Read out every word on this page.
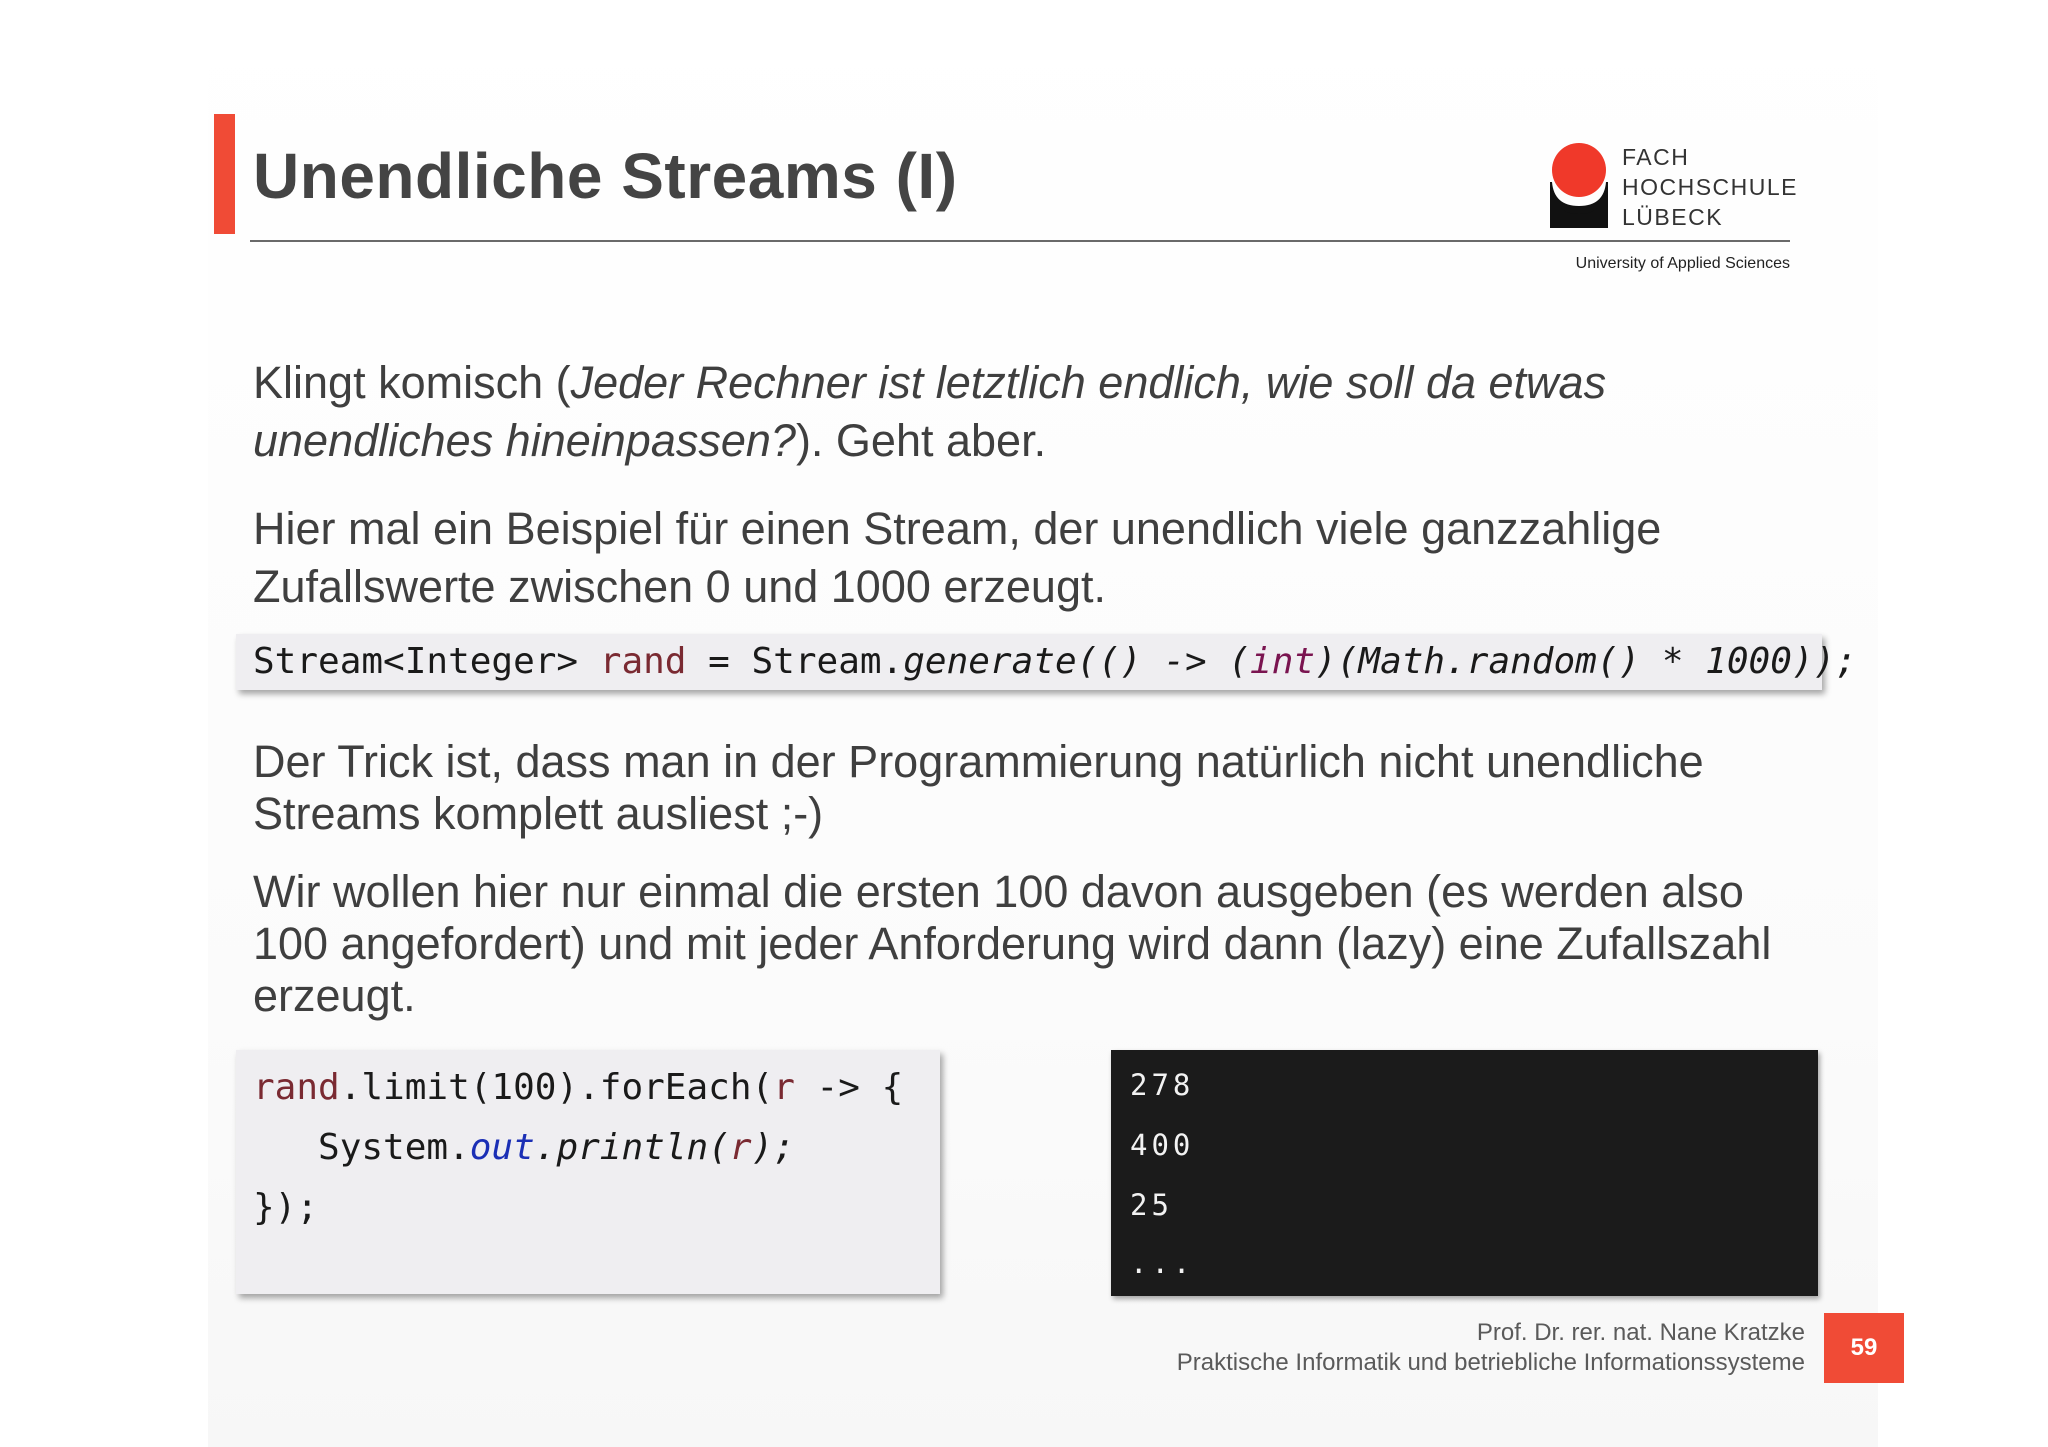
Unendliche Streams (I)	FACH
HOCHSCHULE
LÜBECK
University of Applied Sciences

Klingt komisch (Jeder Rechner ist letztlich endlich, wie soll da etwas unendliches hineinpassen?). Geht aber.

Hier mal ein Beispiel für einen Stream, der unendlich viele ganzzahlige Zufallswerte zwischen 0 und 1000 erzeugt.

Stream<Integer> rand = Stream.generate(() -> (int)(Math.random() * 1000));

Der Trick ist, dass man in der Programmierung natürlich nicht unendliche Streams komplett ausliest ;-)

Wir wollen hier nur einmal die ersten 100 davon ausgeben (es werden also 100 angefordert) und mit jeder Anforderung wird dann (lazy) eine Zufallszahl erzeugt.

rand.limit(100).forEach(r -> {
System.out.println(r);
});
278
400
25
...
Prof. Dr. rer. nat. Nane Kratzke
Praktische Informatik und betriebliche Informationssysteme
59
